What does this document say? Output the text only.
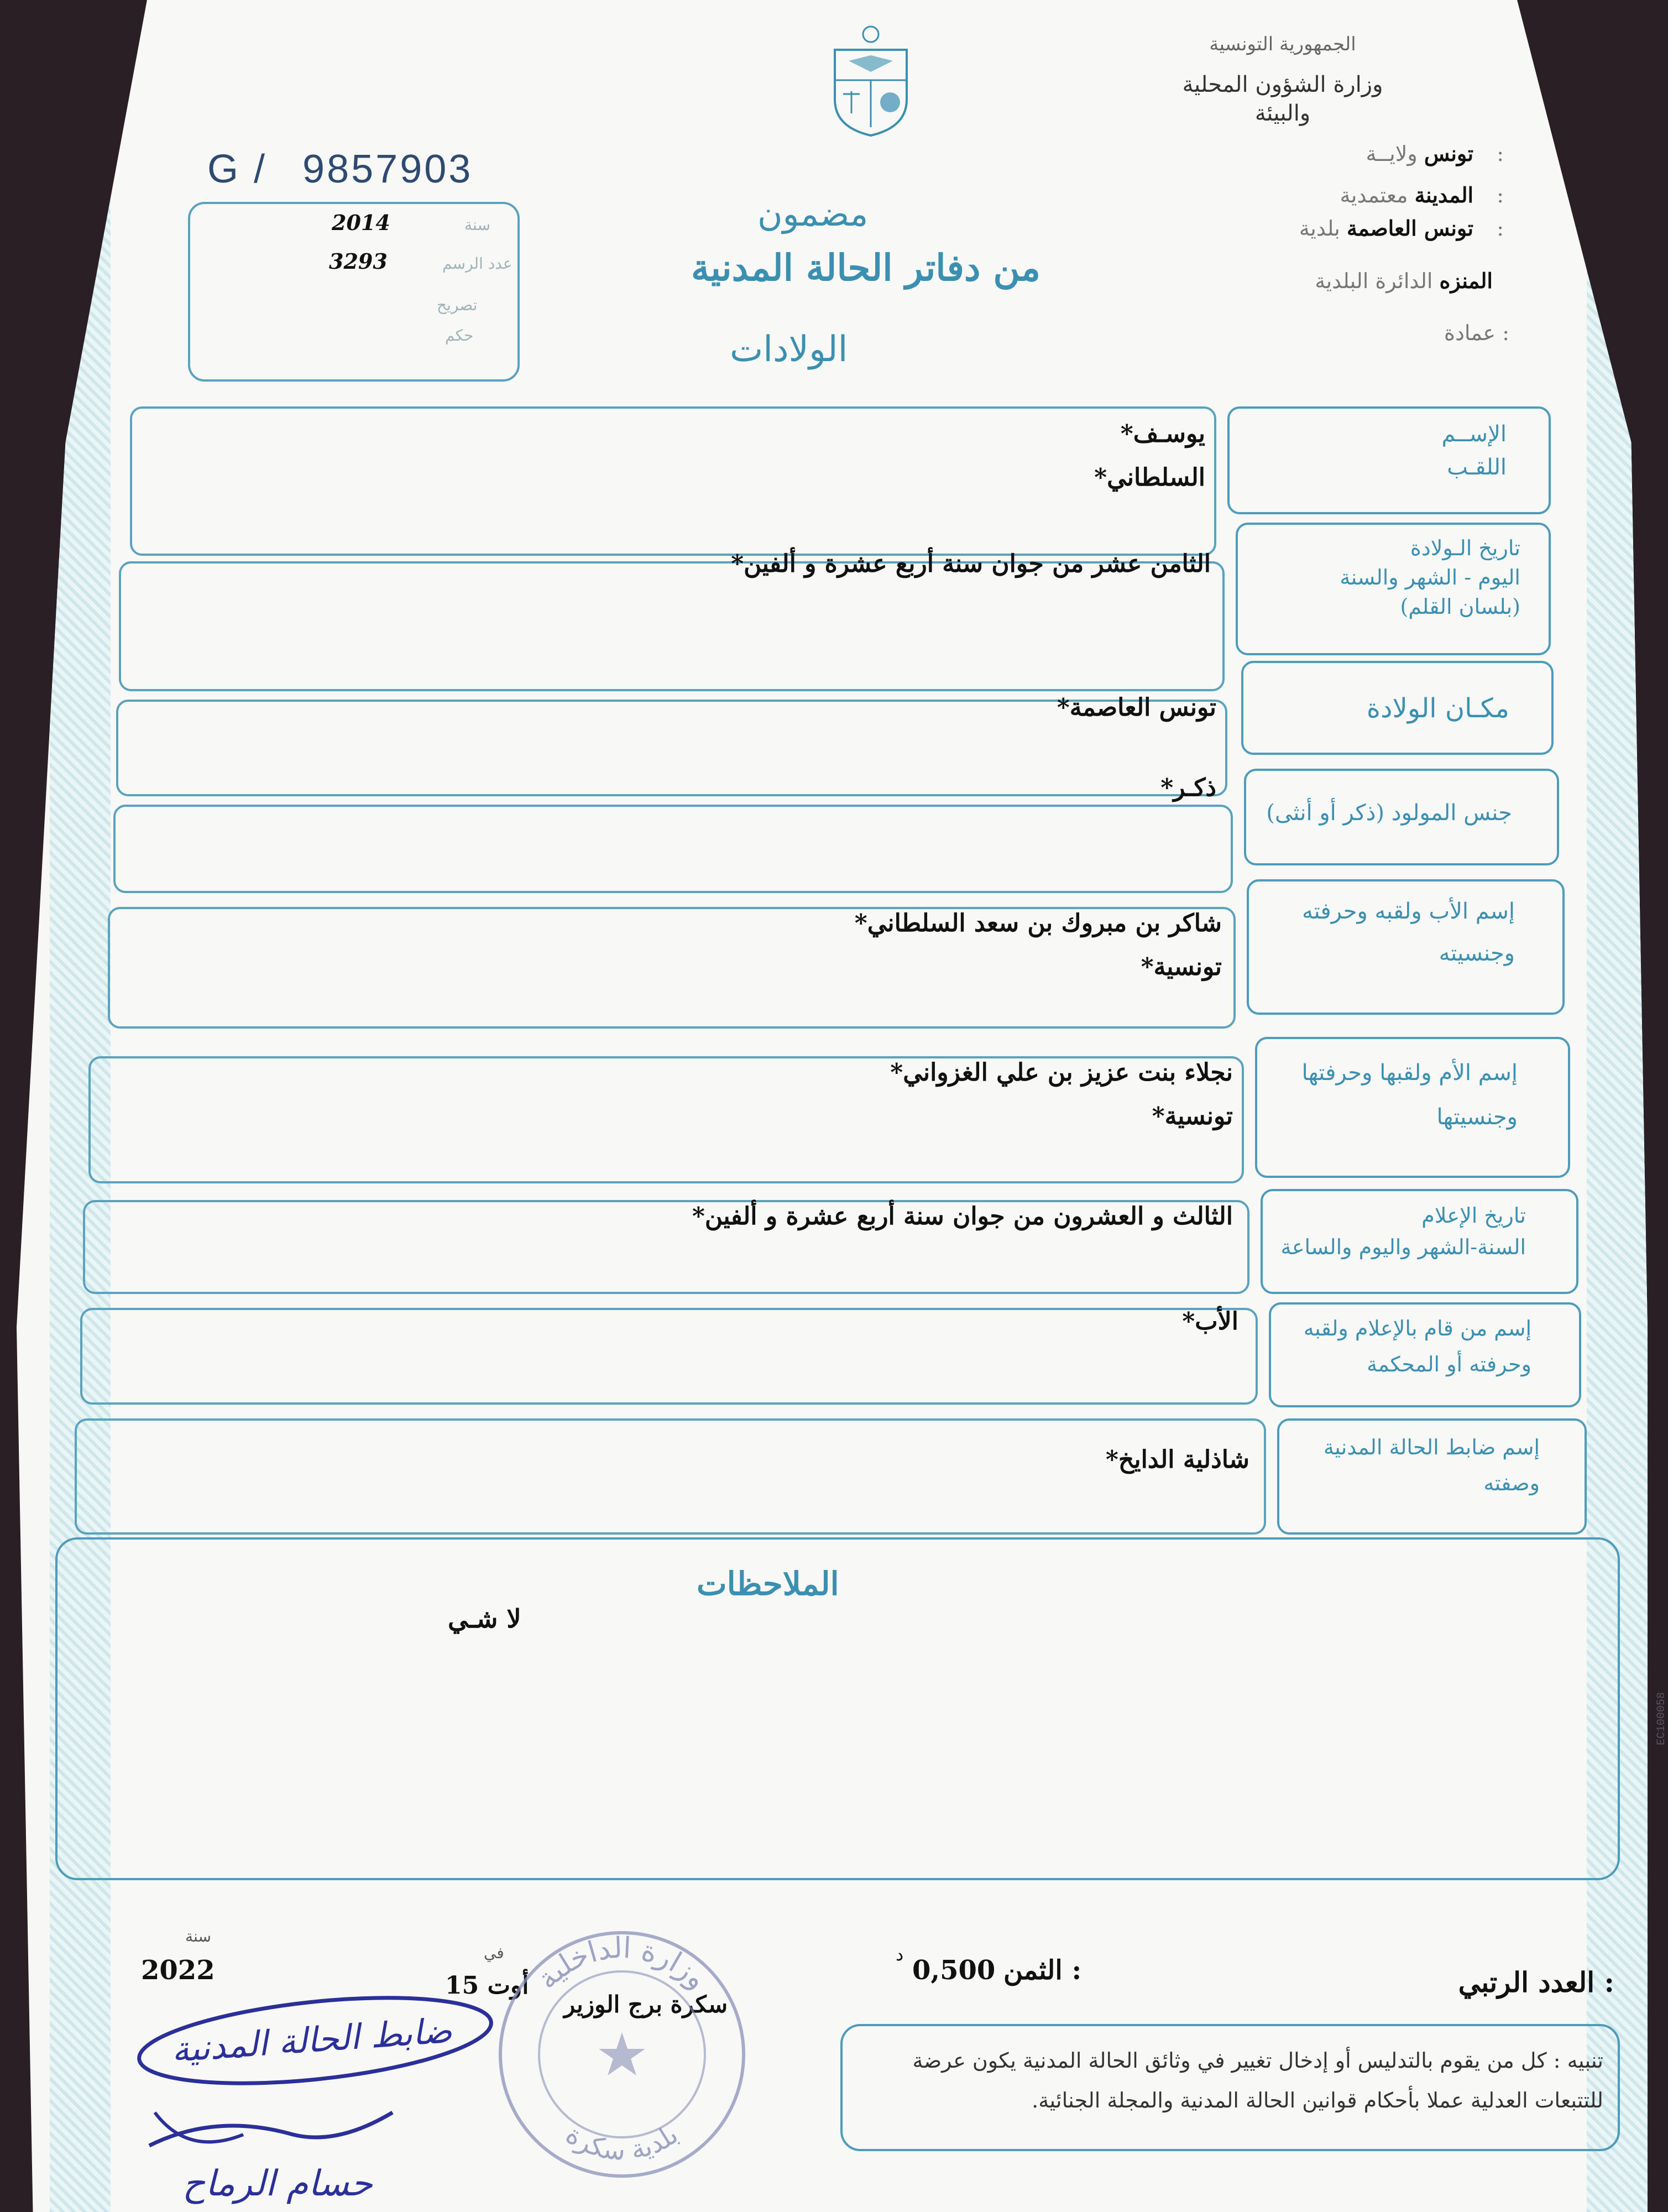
الجمهورية التونسية
وزارة الشؤون المحلية
والبيئة
تونس ولايــة :
المدينة معتمدية :
تونس العاصمة بلدية :
المنزه الدائرة البلدية
عمادة :
G / 9857903
2014	سنة
3293	عدد الرسم
تصريح
حكم
مضمون
من دفاتر الحالة المدنية
الولادات
الإســم
اللقـب
يوسـف*
السلطاني*
تاريخ الـولادة
اليوم - الشهر والسنة
(بلسان القلم)
الثامن عشر من جوان سنة أربع عشرة و ألفين*
مكـان الولادة
تونس العاصمة*
جنس المولود (ذكر أو أنثى)
ذكـر*
إسم الأب ولقبه وحرفته
وجنسيته
شاكر بن مبروك بن سعد السلطاني*
تونسية*
إسم الأم ولقبها وحرفتها
وجنسيتها
نجلاء بنت عزيز بن علي الغزواني*
تونسية*
تاريخ الإعلام
السنة-الشهر واليوم والساعة
الثالث و العشرون من جوان سنة أربع عشرة و ألفين*
إسم من قام بالإعلام ولقبه
وحرفته أو المحكمة
الأب*
إسم ضابط الحالة المدنية
وصفته
شاذلية الدايخ*
الملاحظات
لا شـي
العدد الرتبي :
الثمن :
0,500
د
سكرة برج الوزير
في
15 أوت
سنة
2022
تنبيه : كل من يقوم بالتدليس أو إدخال تغيير في وثائق الحالة المدنية يكون عرضة للتتبعات العدلية عملا بأحكام قوانين الحالة المدنية والمجلة الجنائية.
وزارة الداخلية
بلدية سكرة
ضابط الحالة المدنية
حسام الرماح
EC100058
